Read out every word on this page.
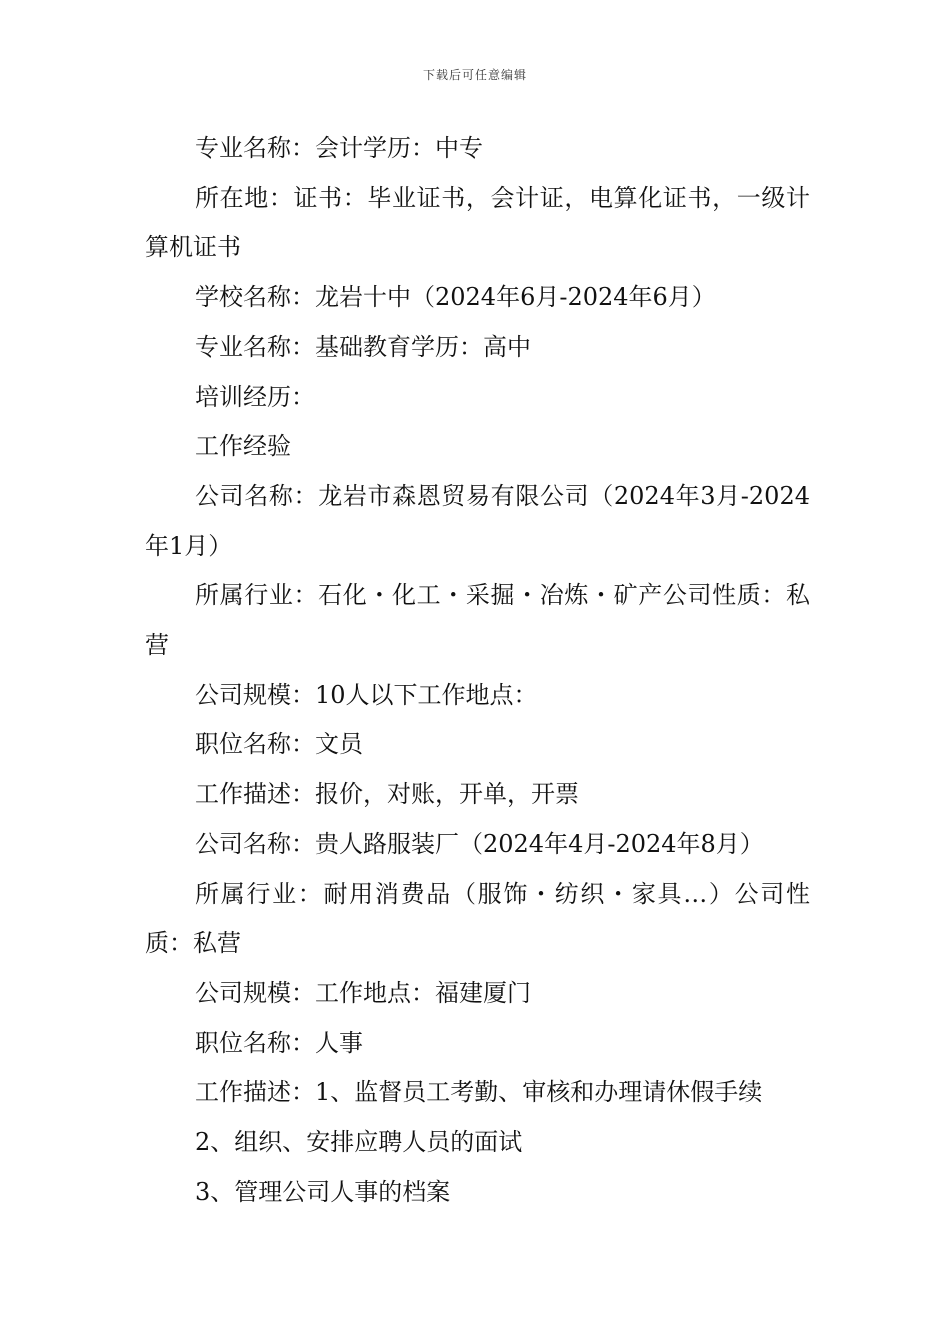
下载后可任意编辑

专业名称：会计学历：中专

所在地：证书：毕业证书，会计证，电算化证书，一级计算机证书

学校名称：龙岩十中（2024年6月-2024年6月）

专业名称：基础教育学历：高中

培训经历：

工作经验

公司名称：龙岩市森恩贸易有限公司（2024年3月-2024年1月）

所属行业：石化・化工・采掘・冶炼・矿产公司性质：私营

公司规模：10人以下工作地点：

职位名称：文员

工作描述：报价，对账，开单，开票

公司名称：贵人路服装厂（2024年4月-2024年8月）

所属行业：耐用消费品（服饰・纺织・家具…）公司性质：私营

公司规模：工作地点：福建厦门

职位名称：人事

工作描述：1、监督员工考勤、审核和办理请休假手续

2、组织、安排应聘人员的面试

3、管理公司人事的档案
